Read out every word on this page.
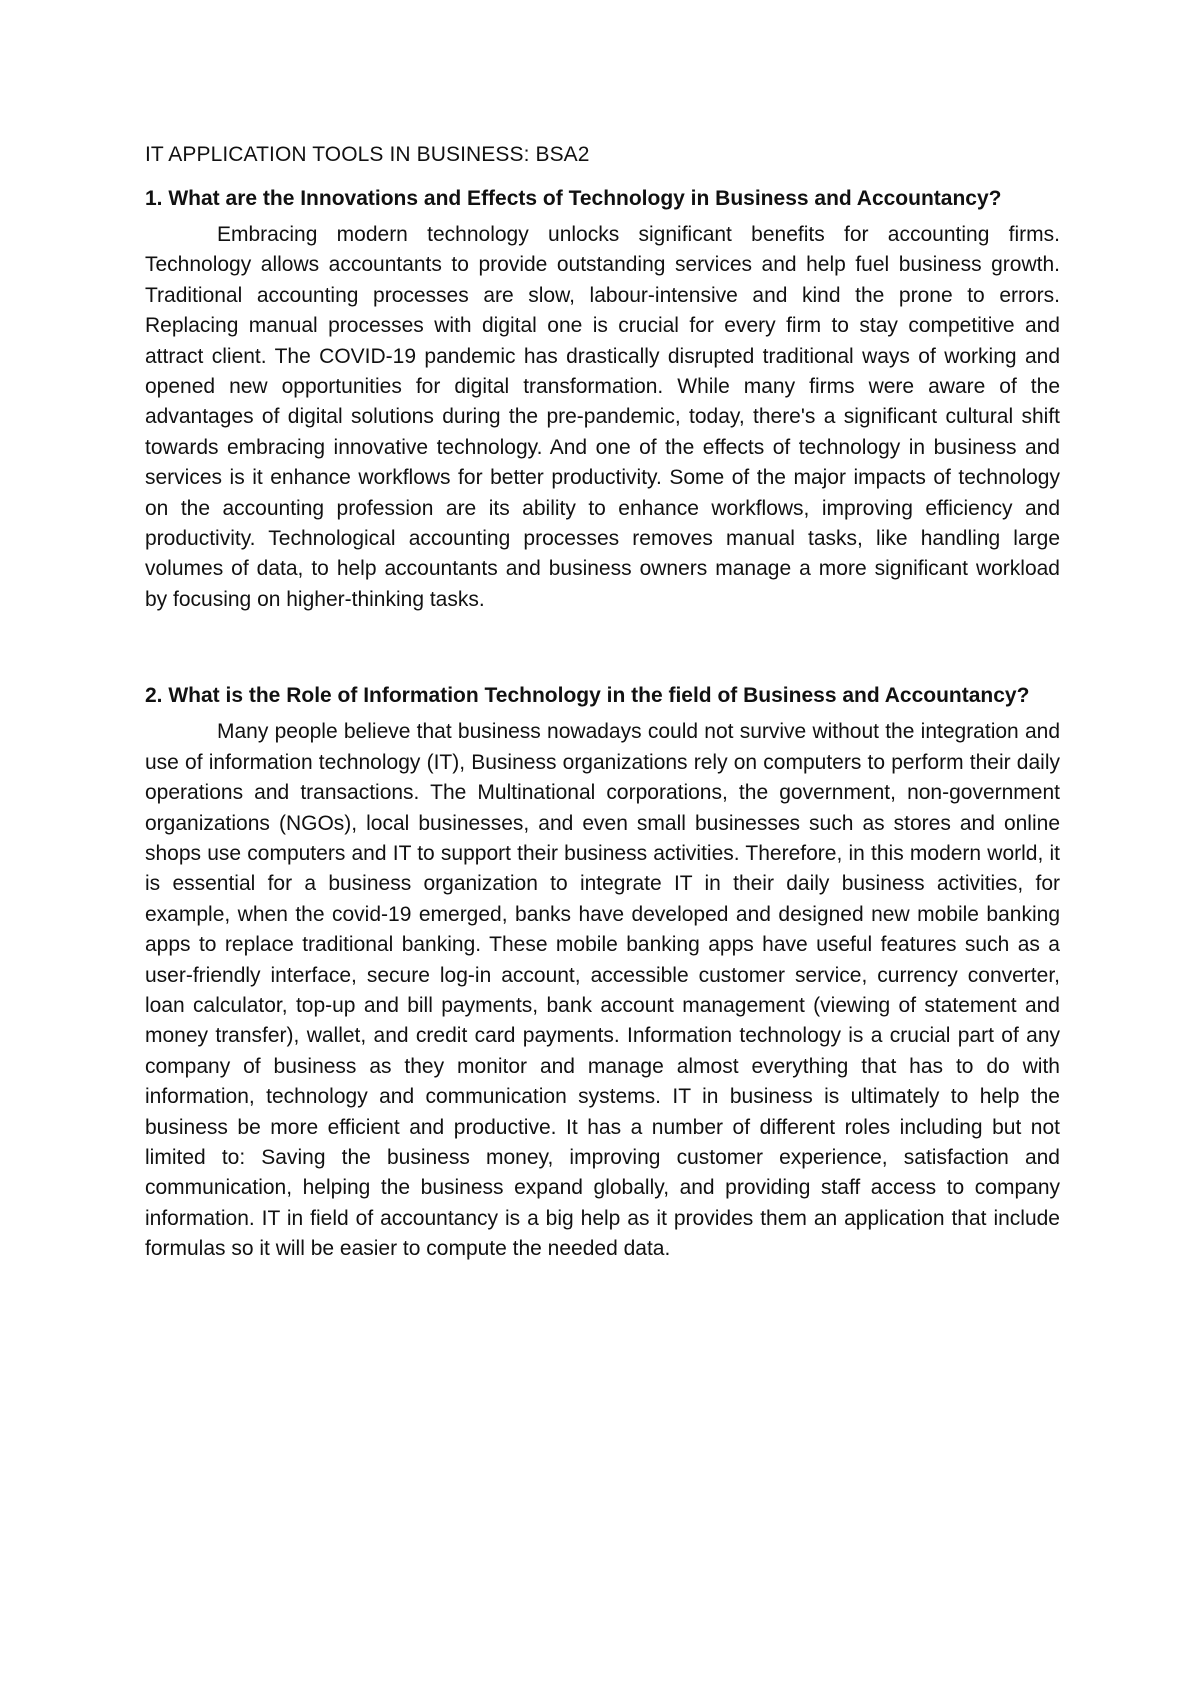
IT APPLICATION TOOLS IN BUSINESS: BSA2

1. What are the Innovations and Effects of Technology in Business and Accountancy?

Embracing modern technology unlocks significant benefits for accounting firms. Technology allows accountants to provide outstanding services and help fuel business growth. Traditional accounting processes are slow, labour-intensive and kind the prone to errors. Replacing manual processes with digital one is crucial for every firm to stay competitive and attract client. The COVID-19 pandemic has drastically disrupted traditional ways of working and opened new opportunities for digital transformation. While many firms were aware of the advantages of digital solutions during the pre-pandemic, today, there's a significant cultural shift towards embracing innovative technology. And one of the effects of technology in business and services is it enhance workflows for better productivity. Some of the major impacts of technology on the accounting profession are its ability to enhance workflows, improving efficiency and productivity. Technological accounting processes removes manual tasks, like handling large volumes of data, to help accountants and business owners manage a more significant workload by focusing on higher-thinking tasks.

2. What is the Role of Information Technology in the field of Business and Accountancy?

Many people believe that business nowadays could not survive without the integration and use of information technology (IT), Business organizations rely on computers to perform their daily operations and transactions. The Multinational corporations, the government, non-government organizations (NGOs), local businesses, and even small businesses such as stores and online shops use computers and IT to support their business activities. Therefore, in this modern world, it is essential for a business organization to integrate IT in their daily business activities, for example, when the covid-19 emerged, banks have developed and designed new mobile banking apps to replace traditional banking. These mobile banking apps have useful features such as a user-friendly interface, secure log-in account, accessible customer service, currency converter, loan calculator, top-up and bill payments, bank account management (viewing of statement and money transfer), wallet, and credit card payments. Information technology is a crucial part of any company of business as they monitor and manage almost everything that has to do with information, technology and communication systems. IT in business is ultimately to help the business be more efficient and productive. It has a number of different roles including but not limited to: Saving the business money, improving customer experience, satisfaction and communication, helping the business expand globally, and providing staff access to company information. IT in field of accountancy is a big help as it provides them an application that include formulas so it will be easier to compute the needed data.
